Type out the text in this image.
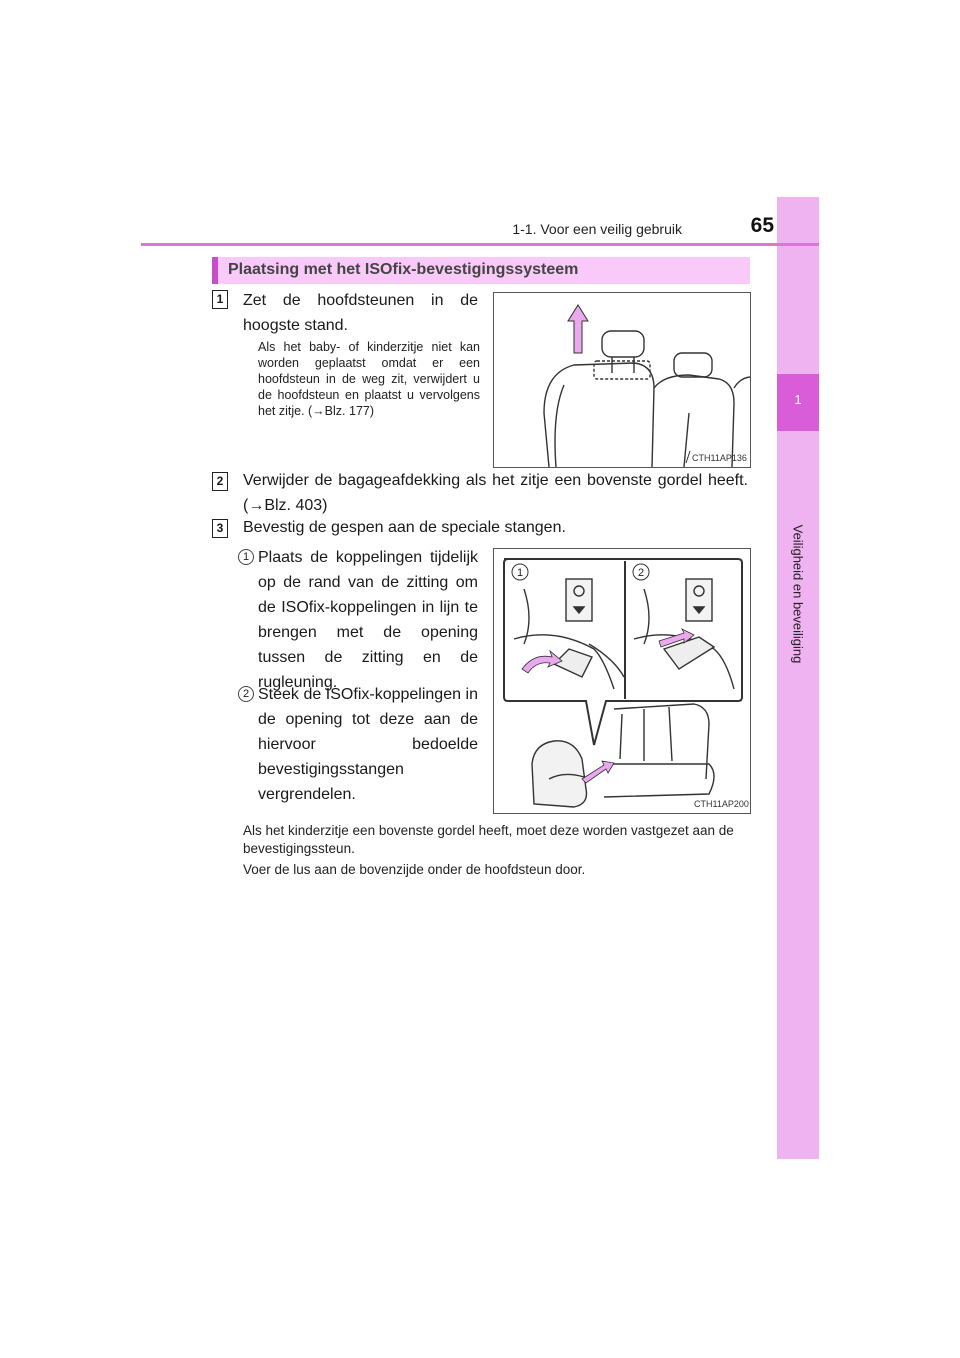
1
Veiligheid en beveiliging
1-1. Voor een veilig gebruik	65
Plaatsing met het ISOfix-bevestigingssysteem
1 Zet de hoofdsteunen in de hoogste stand.
Als het baby- of kinderzitje niet kan worden geplaatst omdat er een hoofdsteun in de weg zit, verwijdert u de hoofdsteun en plaatst u vervolgens het zitje. (→Blz. 177)
CTH11AP136
2 Verwijder de bagageafdekking als het zitje een bovenste gordel heeft. (→Blz. 403)
3 Bevestig de gespen aan de speciale stangen.
1 Plaats de koppelingen tijdelijk op de rand van de zitting om de ISOfix-koppelingen in lijn te brengen met de opening tussen de zitting en de rugleuning.
2 Steek de ISOfix-koppelingen in de opening tot deze aan de hiervoor bedoelde bevestigingsstangen vergrendelen.
1	2
CTH11AP200
Als het kinderzitje een bovenste gordel heeft, moet deze worden vastgezet aan de bevestigingssteun.
Voer de lus aan de bovenzijde onder de hoofdsteun door.
